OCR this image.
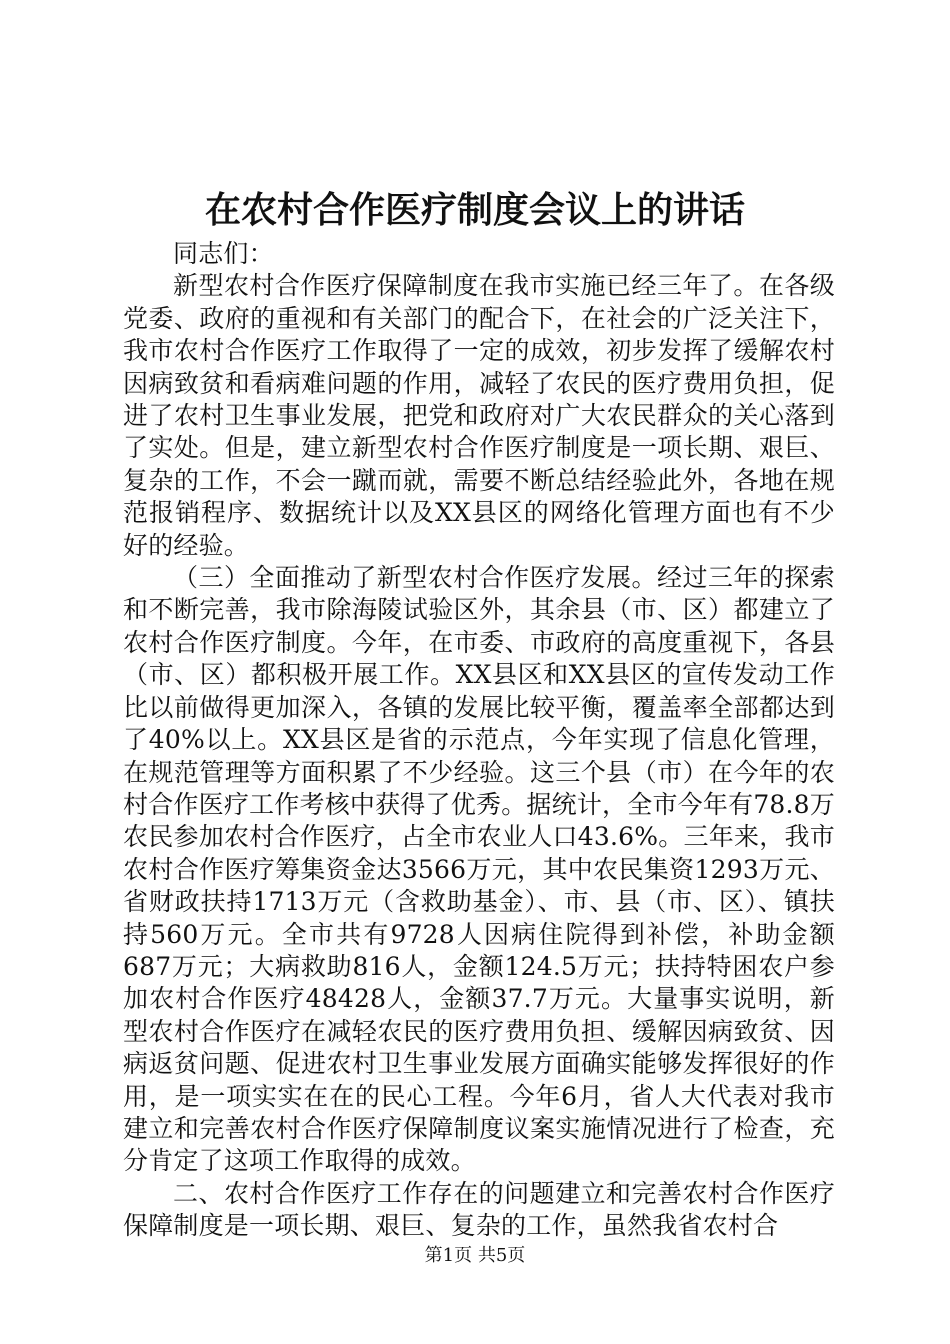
在农村合作医疗制度会议上的讲话

同志们：

新型农村合作医疗保障制度在我市实施已经三年了。在各级党委、政府的重视和有关部门的配合下，在社会的广泛关注下，我市农村合作医疗工作取得了一定的成效，初步发挥了缓解农村因病致贫和看病难问题的作用，减轻了农民的医疗费用负担，促进了农村卫生事业发展，把党和政府对广大农民群众的关心落到了实处。但是，建立新型农村合作医疗制度是一项长期、艰巨、复杂的工作，不会一蹴而就，需要不断总结经验此外，各地在规范报销程序、数据统计以及XX县区的网络化管理方面也有不少好的经验。

（三）全面推动了新型农村合作医疗发展。经过三年的探索和不断完善，我市除海陵试验区外，其余县（市、区）都建立了农村合作医疗制度。今年，在市委、市政府的高度重视下，各县（市、区）都积极开展工作。XX县区和XX县区的宣传发动工作比以前做得更加深入，各镇的发展比较平衡，覆盖率全部都达到了40%以上。XX县区是省的示范点，今年实现了信息化管理，在规范管理等方面积累了不少经验。这三个县（市）在今年的农村合作医疗工作考核中获得了优秀。据统计，全市今年有78.8万农民参加农村合作医疗，占全市农业人口43.6%。三年来，我市农村合作医疗筹集资金达3566万元，其中农民集资1293万元、省财政扶持1713万元（含救助基金）、市、县（市、区）、镇扶持560万元。全市共有9728人因病住院得到补偿，补助金额687万元；大病救助816人，金额124.5万元；扶持特困农户参加农村合作医疗48428人，金额37.7万元。大量事实说明，新型农村合作医疗在减轻农民的医疗费用负担、缓解因病致贫、因病返贫问题、促进农村卫生事业发展方面确实能够发挥很好的作用，是一项实实在在的民心工程。今年6月，省人大代表对我市建立和完善农村合作医疗保障制度议案实施情况进行了检查，充分肯定了这项工作取得的成效。

二、农村合作医疗工作存在的问题建立和完善农村合作医疗保障制度是一项长期、艰巨、复杂的工作，虽然我省农村合

第1页 共5页
